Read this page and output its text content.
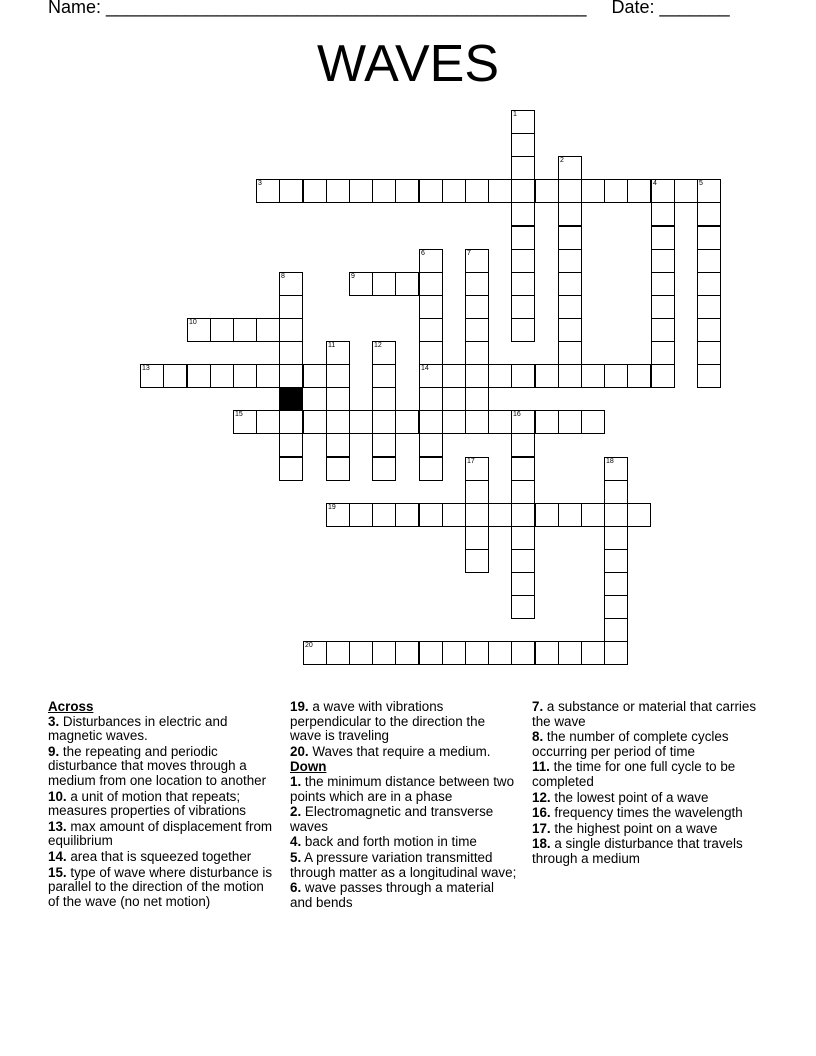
Name: ________________________________________________     Date: _______
WAVES
1
2
3	4	5
6
14
7
8	9
10
11	12
13
15	16
17	18
19
20
Across
3. Disturbances in electric and magnetic waves.
9. the repeating and periodic disturbance that moves through a medium from one location to another
10. a unit of motion that repeats; measures properties of vibrations
13. max amount of displacement from equilibrium
14. area that is squeezed together
15. type of wave where disturbance is parallel to the direction of the motion of the wave (no net motion)
19. a wave with vibrations perpendicular to the direction the wave is traveling
20. Waves that require a medium.
Down
1. the minimum distance between two points which are in a phase
2. Electromagnetic and transverse waves
4. back and forth motion in time
5. A pressure variation transmitted through matter as a longitudinal wave;
6. wave passes through a material and bends
7. a substance or material that carries the wave
8. the number of complete cycles occurring per period of time
11. the time for one full cycle to be completed
12. the lowest point of a wave
16. frequency times the wavelength
17. the highest point on a wave
18. a single disturbance that travels through a medium
